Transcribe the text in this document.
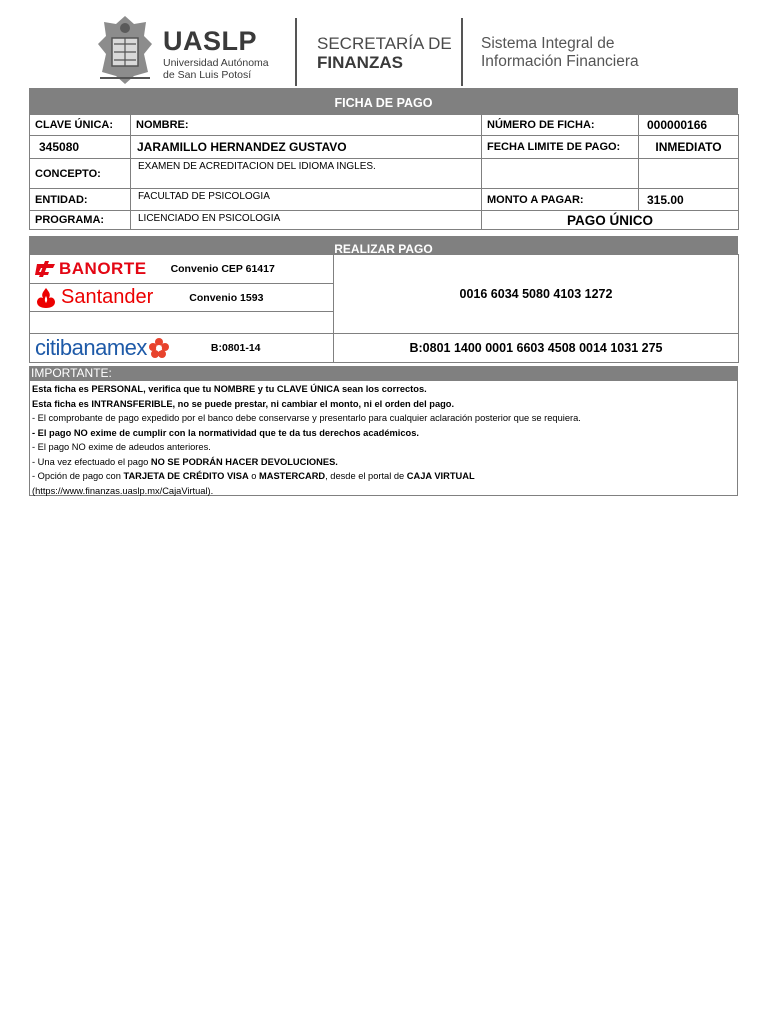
UASLP
Universidad Autónoma
de San Luis Potosí
SECRETARÍA DE
FINANZAS
Sistema Integral de
Información Financiera
FICHA DE PAGO
CLAVE ÚNICA:	NOMBRE:	NÚMERO DE FICHA:	000000166
345080	JARAMILLO HERNANDEZ GUSTAVO	FECHA LIMITE DE PAGO:	INMEDIATO
CONCEPTO:
EXAMEN DE ACREDITACION DEL IDIOMA INGLES.
ENTIDAD:	FACULTAD DE PSICOLOGIA	MONTO A PAGAR:	315.00
PROGRAMA:	LICENCIADO EN PSICOLOGIA	PAGO ÚNICO
REALIZAR PAGO
BANORTE Convenio CEP 61417
Santander	Convenio 1593	0016 6034 5080 4103 1272
citi banamex	B:0801-14	B:0801 1400 0001 6603 4508 0014 1031 275
IMPORTANTE:
Esta ficha es PERSONAL, verifica que tu NOMBRE y tu CLAVE ÚNICA sean los correctos.
Esta ficha es INTRANSFERIBLE, no se puede prestar, ni cambiar el monto, ni el orden del pago.
- El comprobante de pago expedido por el banco debe conservarse y presentarlo para cualquier aclaración posterior que se requiera.
- El pago NO exime de cumplir con la normatividad que te da tus derechos académicos.
- El pago NO exime de adeudos anteriores.
- Una vez efectuado el pago NO SE PODRÁN HACER DEVOLUCIONES.
- Opción de pago con TARJETA DE CRÉDITO VISA o MASTERCARD, desde el portal de CAJA VIRTUAL
(https://www.finanzas.uaslp.mx/CajaVirtual).
